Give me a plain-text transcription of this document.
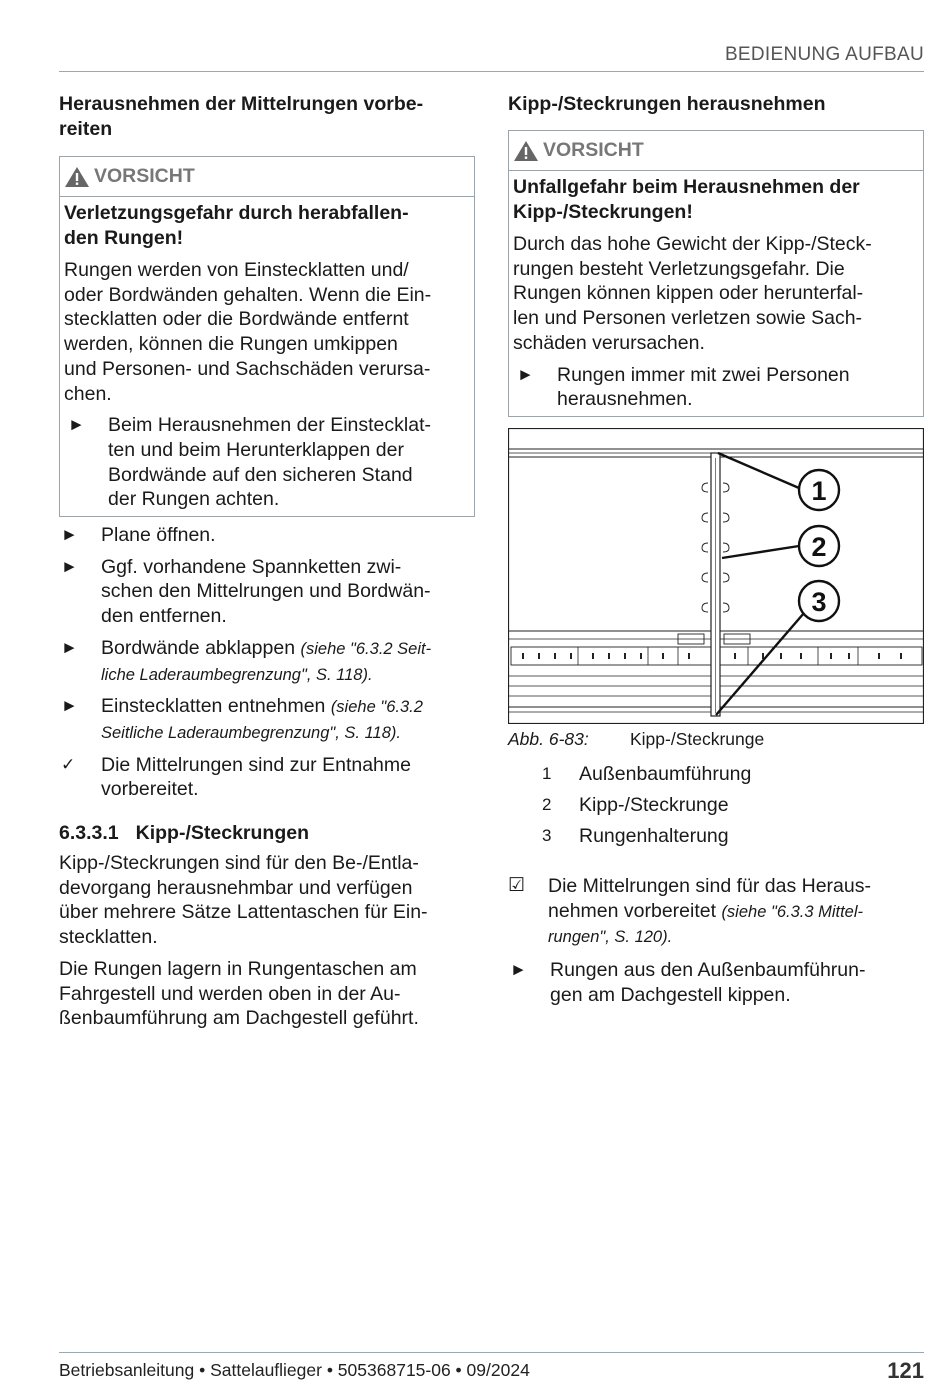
BEDIENUNG AUFBAU

Herausnehmen der Mittelrungen vorbe-
reiten

VORSICHT

Verletzungsgefahr durch herabfallen-
den Rungen!

Rungen werden von Einstecklatten und/
oder Bordwänden gehalten. Wenn die Ein-
stecklatten oder die Bordwände entfernt
werden, können die Rungen umkippen
und Personen- und Sachschäden verursa-
chen.

►	Beim Herausnehmen der Einstecklat-
ten und beim Herunterklappen der
Bordwände auf den sicheren Stand
der Rungen achten.
►	Plane öffnen.
►	Ggf. vorhandene Spannketten zwi-
schen den Mittelrungen und Bordwän-
den entfernen.
►	Bordwände abklappen (siehe "6.3.2 Seit-
liche Laderaumbegrenzung", S. 118).
►	Einstecklatten entnehmen (siehe "6.3.2
Seitliche Laderaumbegrenzung", S. 118).
✓	Die Mittelrungen sind zur Entnahme
vorbereitet.

6.3.3.1 Kipp-/Steckrungen

Kipp-/Steckrungen sind für den Be-/Entla-
devorgang herausnehmbar und verfügen
über mehrere Sätze Lattentaschen für Ein-
stecklatten.

Die Rungen lagern in Rungentaschen am
Fahrgestell und werden oben in der Au-
ßenbaumführung am Dachgestell geführt.

Kipp-/Steckrungen herausnehmen

VORSICHT

Unfallgefahr beim Herausnehmen der
Kipp-/Steckrungen!

Durch das hohe Gewicht der Kipp-/Steck-
rungen besteht Verletzungsgefahr. Die
Rungen können kippen oder herunterfal-
len und Personen verletzen sowie Sach-
schäden verursachen.

►	Rungen immer mit zwei Personen
herausnehmen.
1
2
3
Abb. 6-83:	Kipp-/Steckrunge
1	Außenbaumführung
2	Kipp-/Steckrunge
3	Rungenhalterung
☑	Die Mittelrungen sind für das Heraus-
nehmen vorbereitet (siehe "6.3.3 Mittel-
rungen", S. 120).
►	Rungen aus den Außenbaumführun-
gen am Dachgestell kippen.
Betriebsanleitung • Sattelauflieger • 505368715-06 • 09/2024	121
